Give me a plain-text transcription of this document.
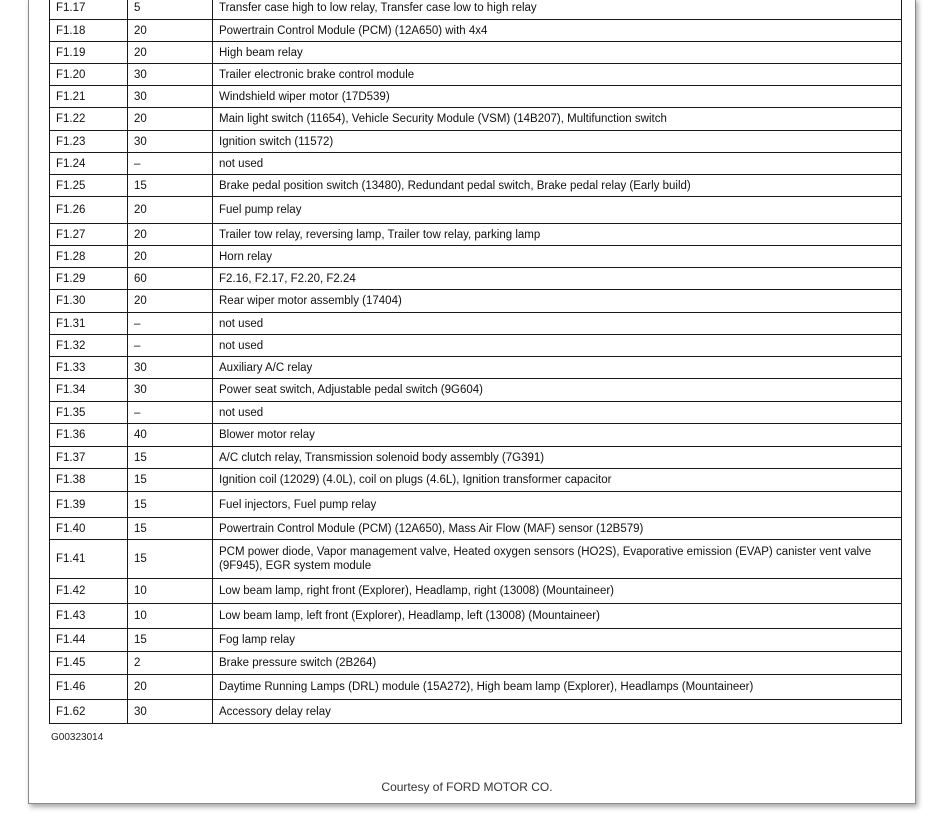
F1.17	5	Transfer case high to low relay, Transfer case low to high relay
F1.18	20	Powertrain Control Module (PCM) (12A650) with 4x4
F1.19	20	High beam relay
F1.20	30	Trailer electronic brake control module
F1.21	30	Windshield wiper motor (17D539)
F1.22	20	Main light switch (11654), Vehicle Security Module (VSM) (14B207), Multifunction switch
F1.23	30	Ignition switch (11572)
F1.24	–	not used
F1.25	15	Brake pedal position switch (13480), Redundant pedal switch, Brake pedal relay (Early build)
F1.26	20	Fuel pump relay
F1.27	20	Trailer tow relay, reversing lamp, Trailer tow relay, parking lamp
F1.28	20	Horn relay
F1.29	60	F2.16, F2.17, F2.20, F2.24
F1.30	20	Rear wiper motor assembly (17404)
F1.31	–	not used
F1.32	–	not used
F1.33	30	Auxiliary A/C relay
F1.34	30	Power seat switch, Adjustable pedal switch (9G604)
F1.35	–	not used
F1.36	40	Blower motor relay
F1.37	15	A/C clutch relay, Transmission solenoid body assembly (7G391)
F1.38	15	Ignition coil (12029) (4.0L), coil on plugs (4.6L), Ignition transformer capacitor
F1.39	15	Fuel injectors, Fuel pump relay
F1.40	15	Powertrain Control Module (PCM) (12A650), Mass Air Flow (MAF) sensor (12B579)
F1.41	15	PCM power diode, Vapor management valve, Heated oxygen sensors (HO2S), Evaporative emission (EVAP) canister vent valve (9F945), EGR system module
F1.42	10	Low beam lamp, right front (Explorer), Headlamp, right (13008) (Mountaineer)
F1.43	10	Low beam lamp, left front (Explorer), Headlamp, left (13008) (Mountaineer)
F1.44	15	Fog lamp relay
F1.45	2	Brake pressure switch (2B264)
F1.46	20	Daytime Running Lamps (DRL) module (15A272), High beam lamp (Explorer), Headlamps (Mountaineer)
F1.62	30	Accessory delay relay
G00323014
Courtesy of FORD MOTOR CO.
